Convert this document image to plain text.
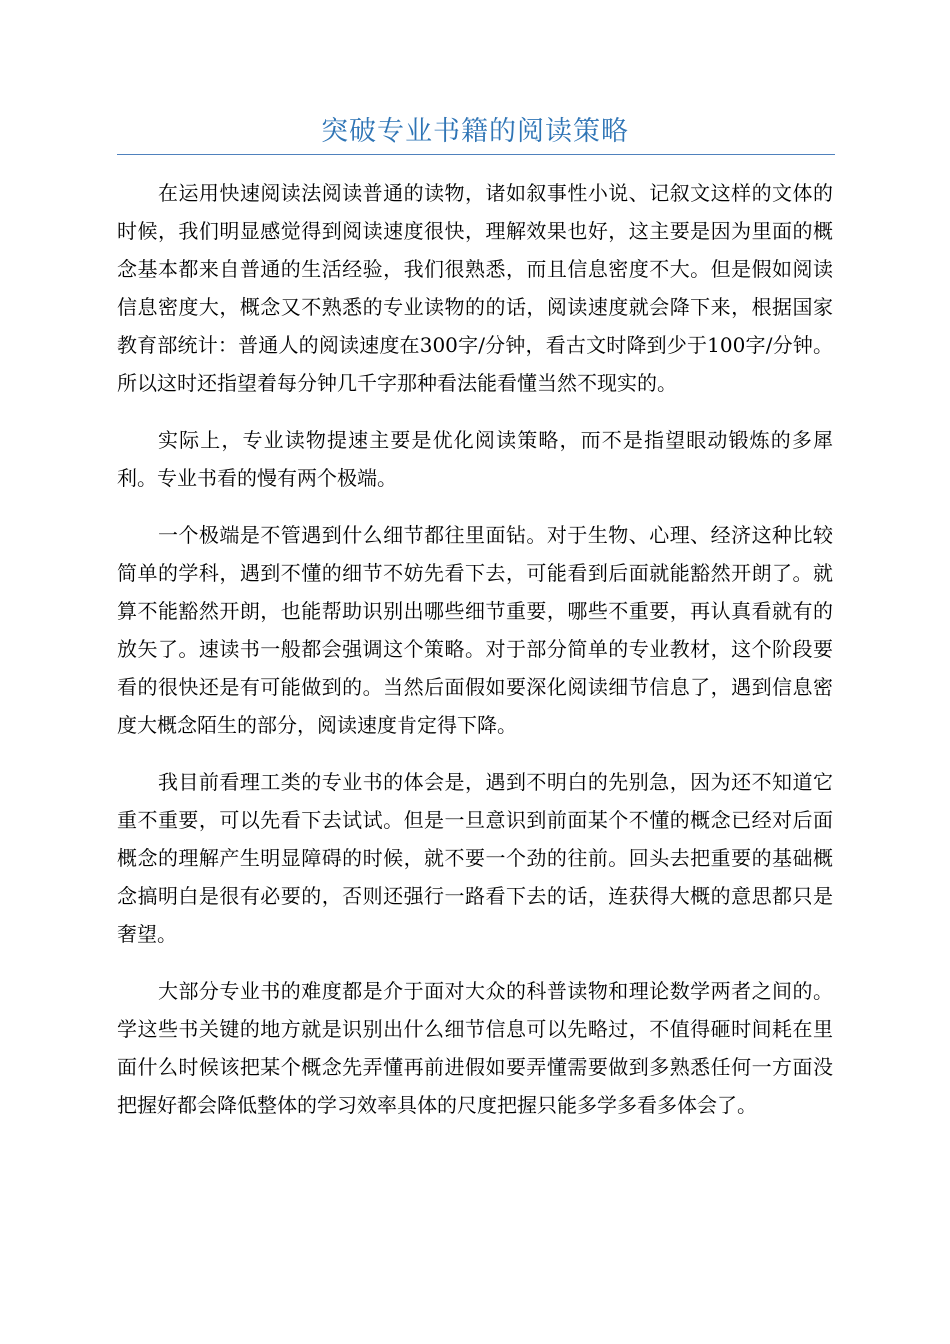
突破专业书籍的阅读策略

在运用快速阅读法阅读普通的读物，诸如叙事性小说、记叙文这样的文体的时候，我们明显感觉得到阅读速度很快，理解效果也好，这主要是因为里面的概念基本都来自普通的生活经验，我们很熟悉，而且信息密度不大。但是假如阅读信息密度大，概念又不熟悉的专业读物的的话，阅读速度就会降下来，根据国家教育部统计：普通人的阅读速度在300字/分钟，看古文时降到少于100字/分钟。所以这时还指望着每分钟几千字那种看法能看懂当然不现实的。

实际上，专业读物提速主要是优化阅读策略，而不是指望眼动锻炼的多犀利。专业书看的慢有两个极端。

一个极端是不管遇到什么细节都往里面钻。对于生物、心理、经济这种比较简单的学科，遇到不懂的细节不妨先看下去，可能看到后面就能豁然开朗了。就算不能豁然开朗，也能帮助识别出哪些细节重要，哪些不重要，再认真看就有的放矢了。速读书一般都会强调这个策略。对于部分简单的专业教材，这个阶段要看的很快还是有可能做到的。当然后面假如要深化阅读细节信息了，遇到信息密度大概念陌生的部分，阅读速度肯定得下降。

我目前看理工类的专业书的体会是，遇到不明白的先别急，因为还不知道它重不重要，可以先看下去试试。但是一旦意识到前面某个不懂的概念已经对后面概念的理解产生明显障碍的时候，就不要一个劲的往前。回头去把重要的基础概念搞明白是很有必要的，否则还强行一路看下去的话，连获得大概的意思都只是奢望。

大部分专业书的难度都是介于面对大众的科普读物和理论数学两者之间的。学这些书关键的地方就是识别出什么细节信息可以先略过，不值得砸时间耗在里面什么时候该把某个概念先弄懂再前进假如要弄懂需要做到多熟悉任何一方面没把握好都会降低整体的学习效率具体的尺度把握只能多学多看多体会了。
